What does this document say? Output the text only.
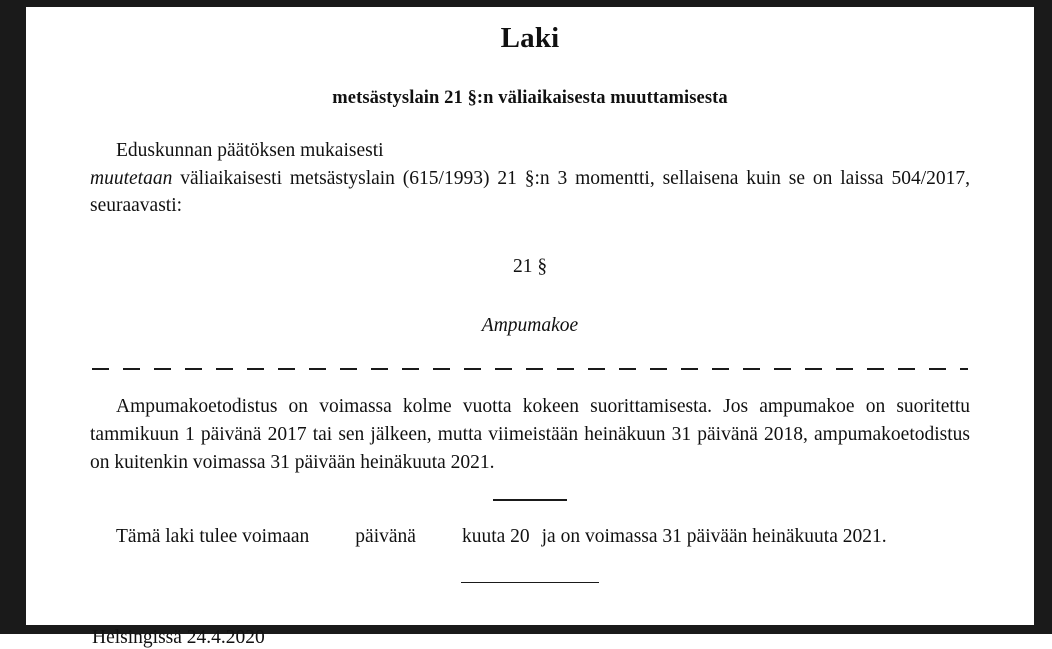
Laki
metsästyslain 21 §:n väliaikaisesta muuttamisesta

Eduskunnan päätöksen mukaisesti

muutetaan väliaikaisesti metsästyslain (615/1993) 21 §:n 3 momentti, sellaisena kuin se on laissa 504/2017, seuraavasti:

21 §
Ampumakoe
Ampumakoetodistus on voimassa kolme vuotta kokeen suorittamisesta. Jos ampumakoe on suoritettu tammikuun 1 päivänä 2017 tai sen jälkeen, mutta viimeistään heinäkuun 31 päivänä 2018, ampumakoetodistus on kuitenkin voimassa 31 päivään heinäkuuta 2021.
Tämä laki tulee voimaan päivänä kuuta 20 ja on voimassa 31 päivään heinäkuuta 2021.
Helsingissä 24.4.2020
